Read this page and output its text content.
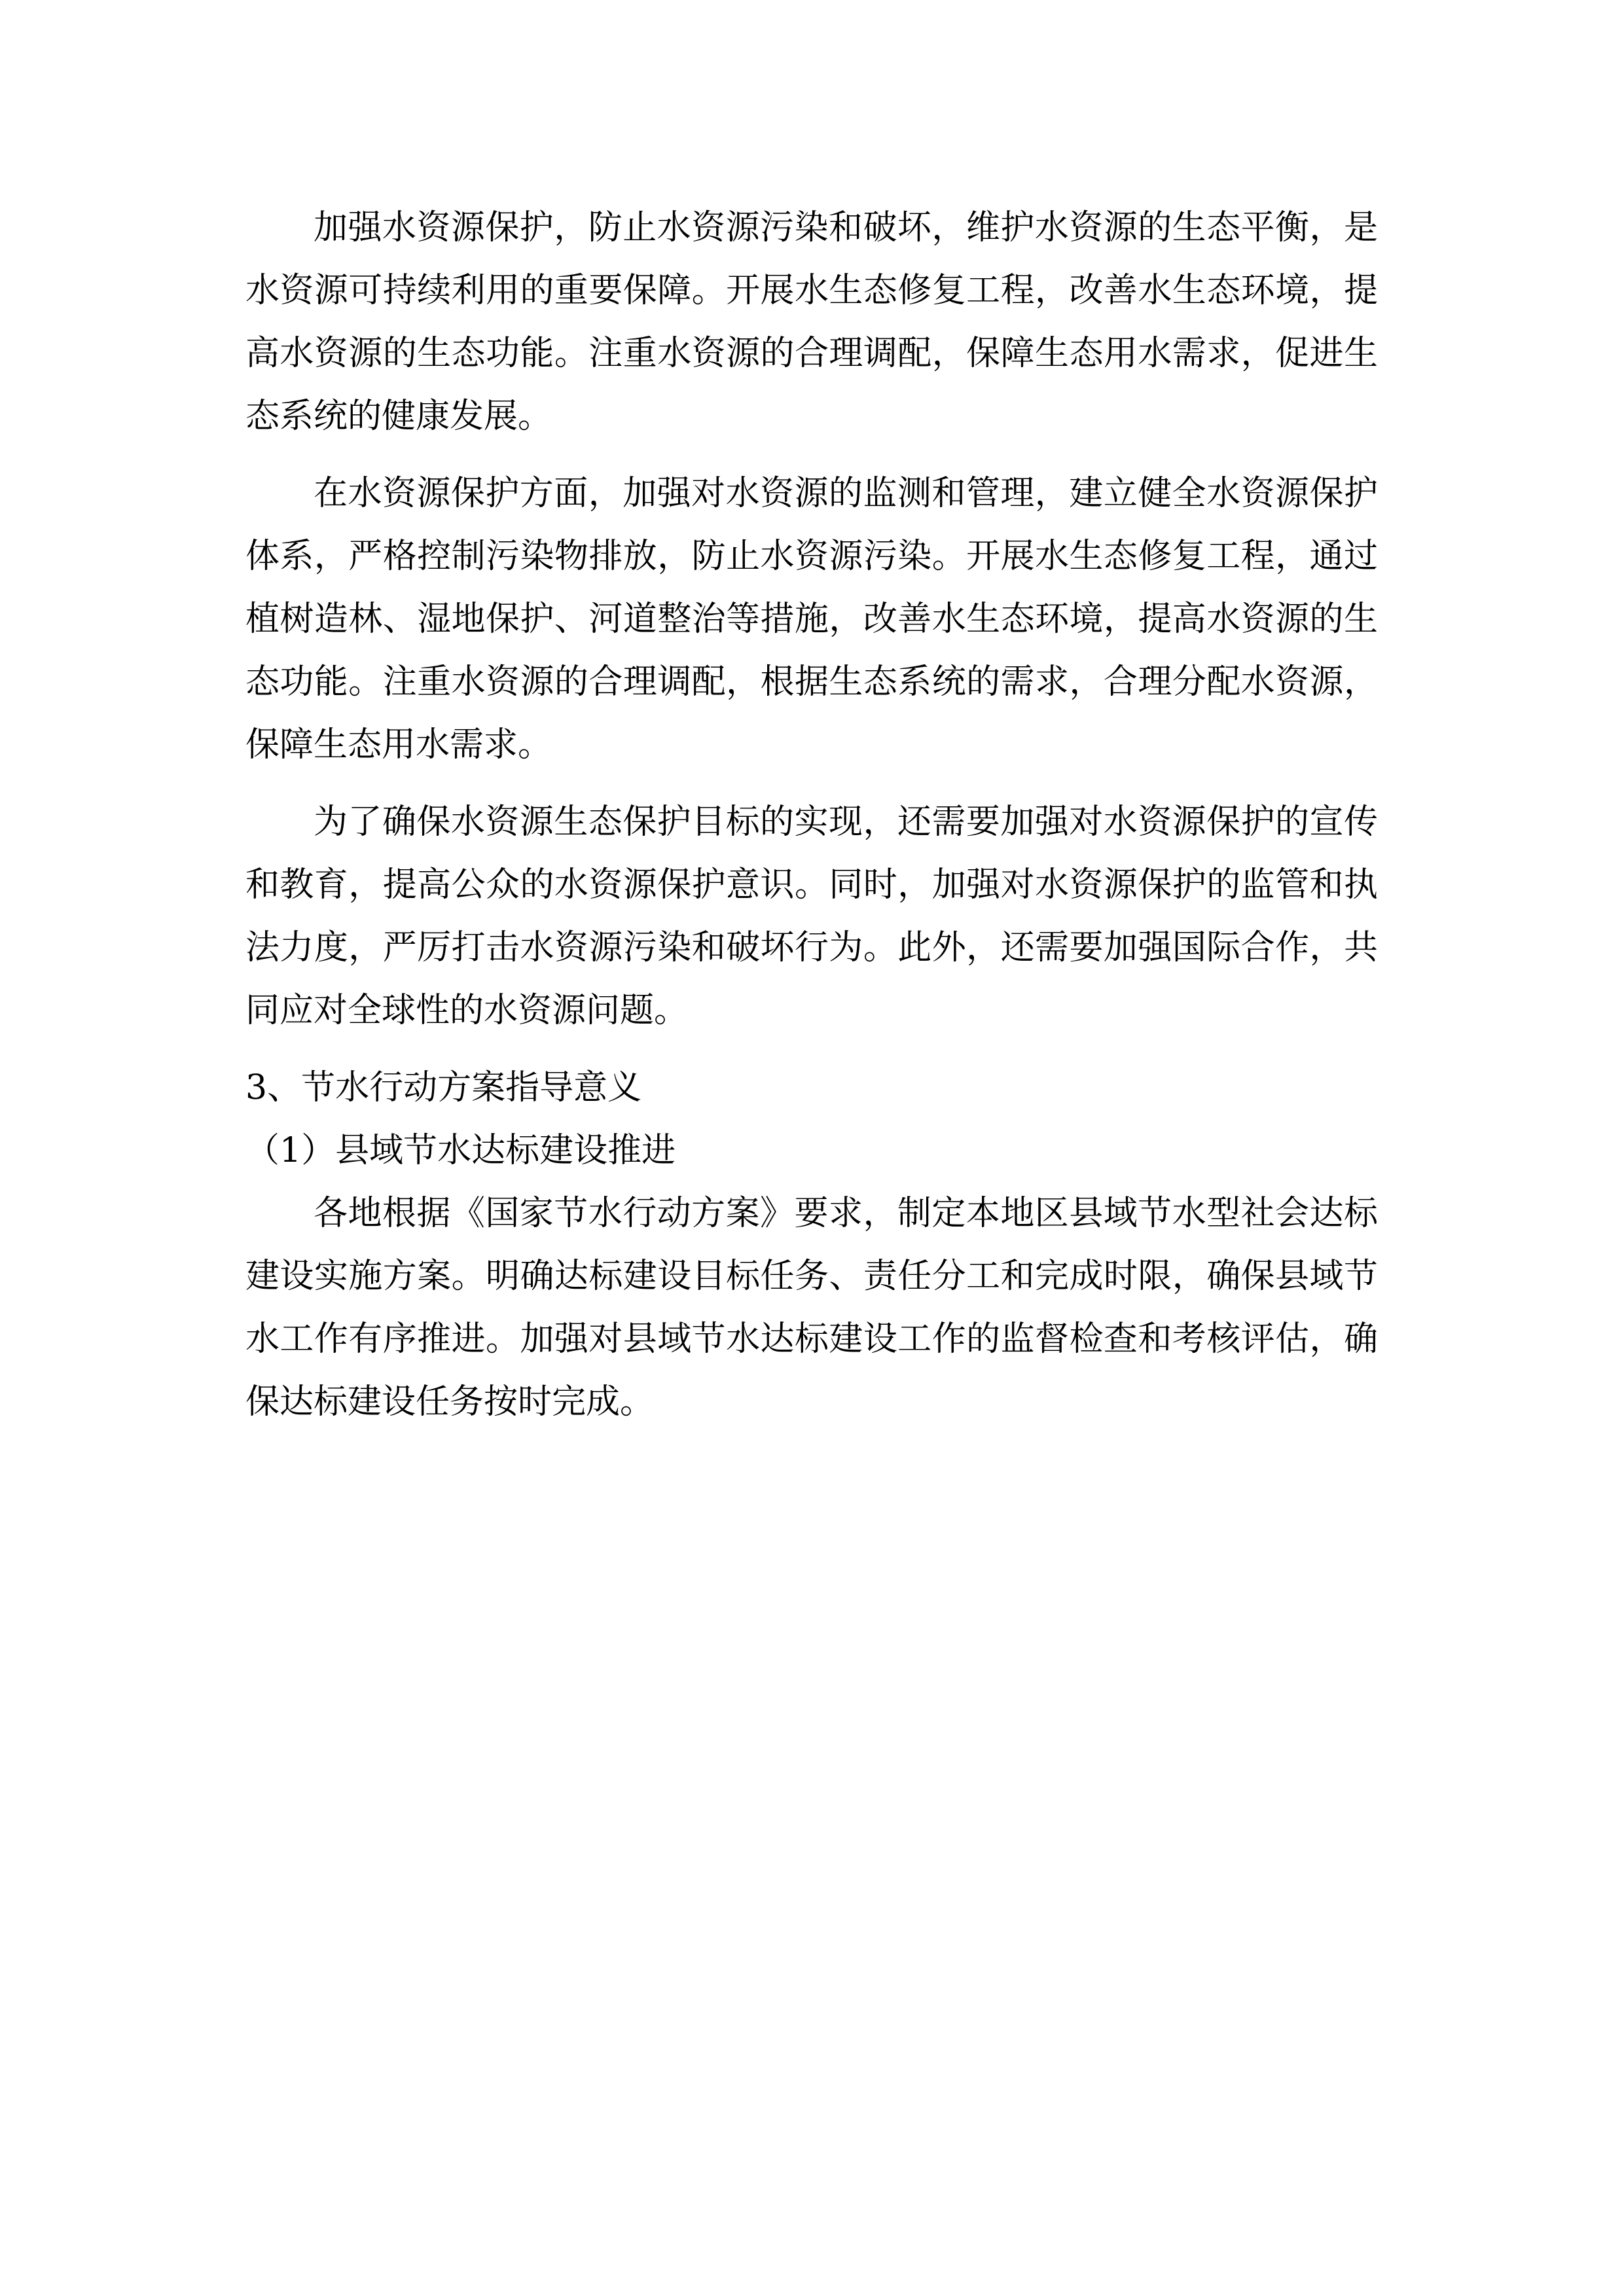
加强水资源保护，防止水资源污染和破坏，维护水资源的生态平衡，是水资源可持续利用的重要保障。开展水生态修复工程，改善水生态环境，提高水资源的生态功能。注重水资源的合理调配，保障生态用水需求，促进生态系统的健康发展。

在水资源保护方面，加强对水资源的监测和管理，建立健全水资源保护体系，严格控制污染物排放，防止水资源污染。开展水生态修复工程，通过植树造林、湿地保护、河道整治等措施，改善水生态环境，提高水资源的生态功能。注重水资源的合理调配，根据生态系统的需求，合理分配水资源，保障生态用水需求。

为了确保水资源生态保护目标的实现，还需要加强对水资源保护的宣传和教育，提高公众的水资源保护意识。同时，加强对水资源保护的监管和执法力度，严厉打击水资源污染和破坏行为。此外，还需要加强国际合作，共同应对全球性的水资源问题。

3、节水行动方案指导意义

（1）县域节水达标建设推进

各地根据《国家节水行动方案》要求，制定本地区县域节水型社会达标建设实施方案。明确达标建设目标任务、责任分工和完成时限，确保县域节水工作有序推进。加强对县域节水达标建设工作的监督检查和考核评估，确保达标建设任务按时完成。
